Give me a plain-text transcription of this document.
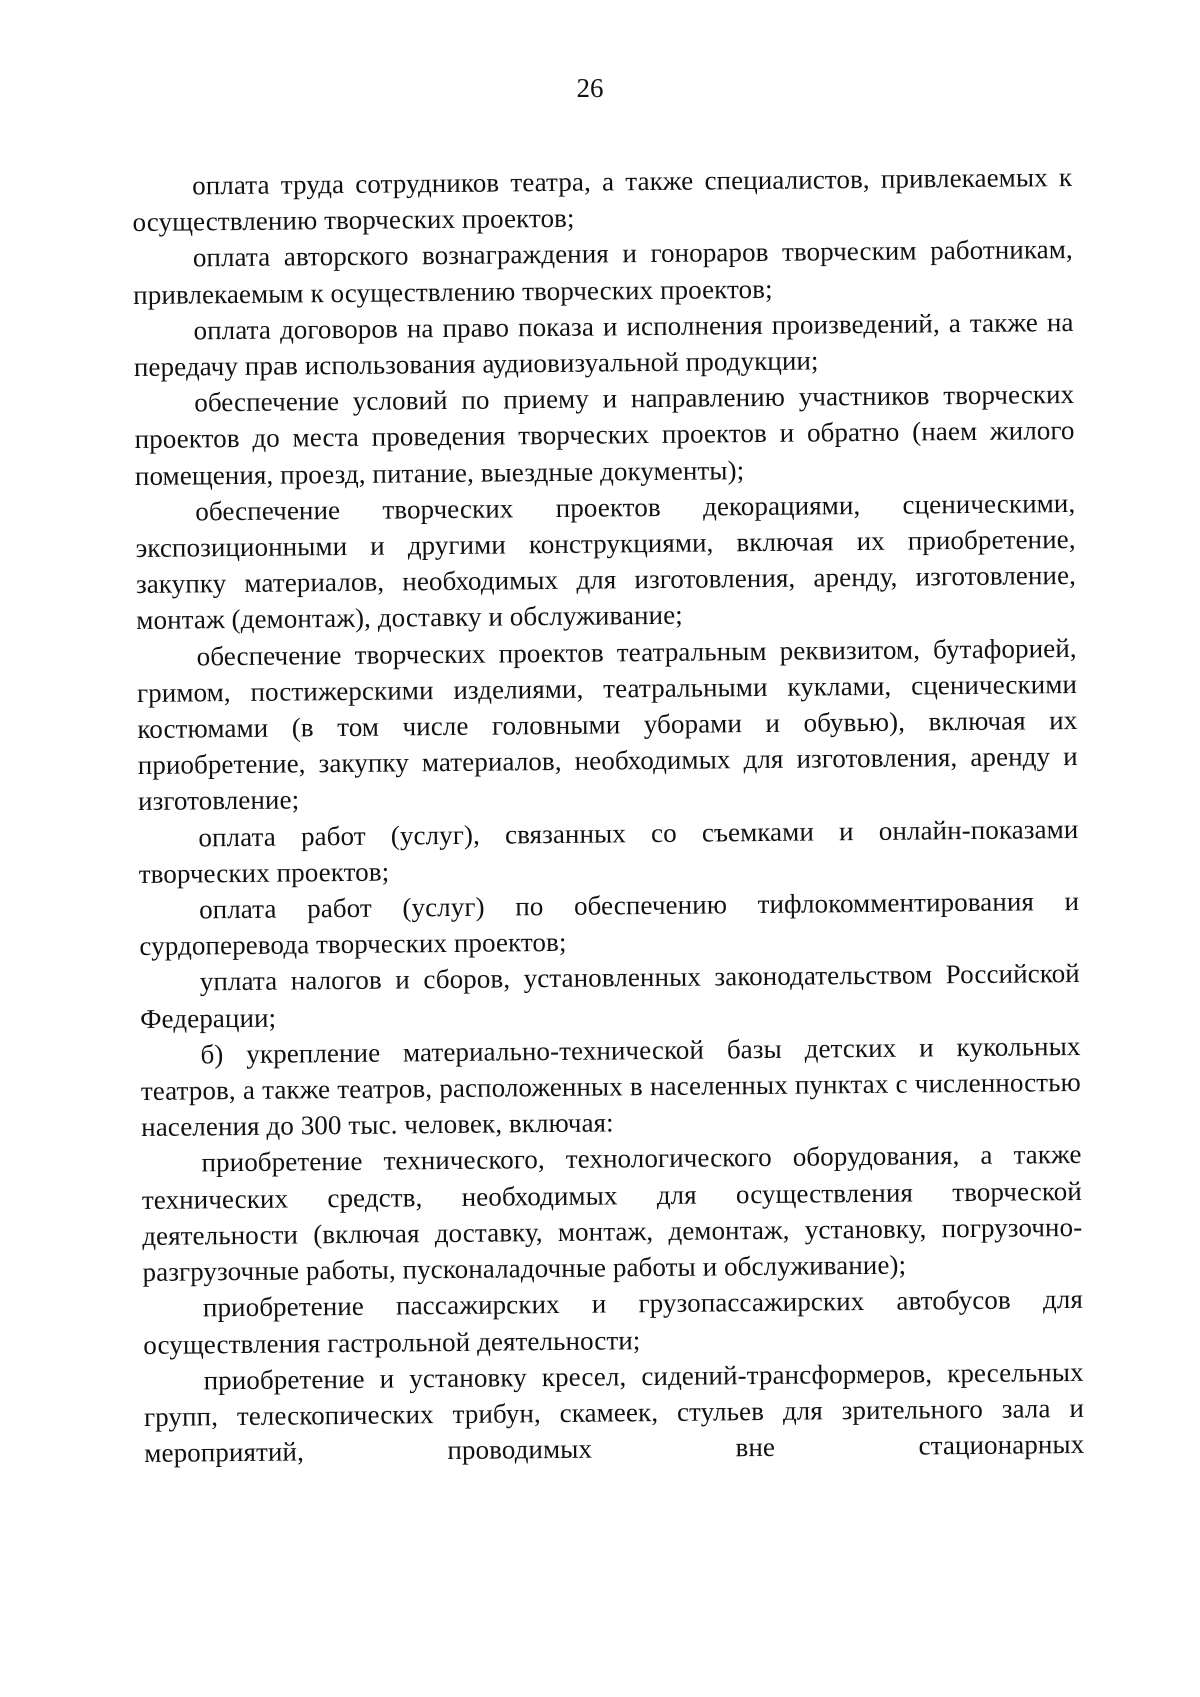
26

оплата труда сотрудников театра, а также специалистов, привлекаемых к осуществлению творческих проектов;

оплата авторского вознаграждения и гонораров творческим работникам, привлекаемым к осуществлению творческих проектов;

оплата договоров на право показа и исполнения произведений, а также на передачу прав использования аудиовизуальной продукции;

обеспечение условий по приему и направлению участников творческих проектов до места проведения творческих проектов и обратно (наем жилого помещения, проезд, питание, выездные документы);

обеспечение творческих проектов декорациями, сценическими, экспозиционными и другими конструкциями, включая их приобретение, закупку материалов, необходимых для изготовления, аренду, изготовление, монтаж (демонтаж), доставку и обслуживание;

обеспечение творческих проектов театральным реквизитом, бутафорией, гримом, постижерскими изделиями, театральными куклами, сценическими костюмами (в том числе головными уборами и обувью), включая их приобретение, закупку материалов, необходимых для изготовления, аренду и изготовление;

оплата работ (услуг), связанных со съемками и онлайн-показами творческих проектов;

оплата работ (услуг) по обеспечению тифлокомментирования и сурдоперевода творческих проектов;

уплата налогов и сборов, установленных законодательством Российской Федерации;

б) укрепление материально-технической базы детских и кукольных театров, а также театров, расположенных в населенных пунктах с численностью населения до 300 тыс. человек, включая:

приобретение технического, технологического оборудования, а также технических средств, необходимых для осуществления творческой деятельности (включая доставку, монтаж, демонтаж, установку, погрузочно-разгрузочные работы, пусконаладочные работы и обслуживание);

приобретение пассажирских и грузопассажирских автобусов для осуществления гастрольной деятельности;

приобретение и установку кресел, сидений-трансформеров, кресельных групп, телескопических трибун, скамеек, стульев для зрительного зала и мероприятий, проводимых вне стационарных
